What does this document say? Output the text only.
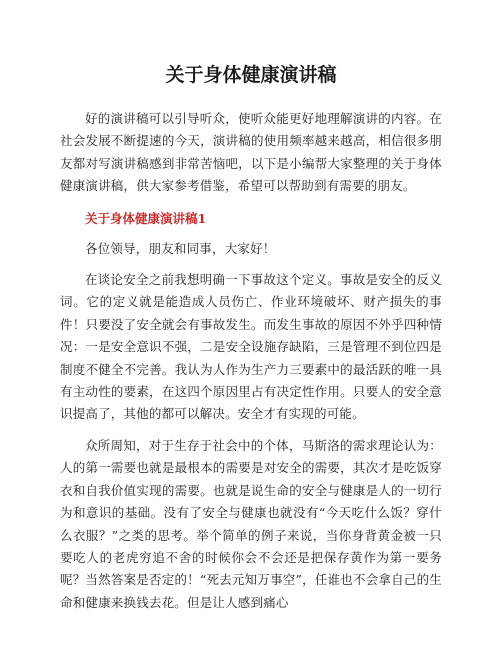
关于身体健康演讲稿

好的演讲稿可以引导听众，使听众能更好地理解演讲的内容。在社会发展不断提速的今天，演讲稿的使用频率越来越高，相信很多朋友都对写演讲稿感到非常苦恼吧，以下是小编帮大家整理的关于身体健康演讲稿，供大家参考借鉴，希望可以帮助到有需要的朋友。

关于身体健康演讲稿1

各位领导，朋友和同事，大家好！

在谈论安全之前我想明确一下事故这个定义。事故是安全的反义词。它的定义就是能造成人员伤亡、作业环境破坏、财产损失的事件！只要没了安全就会有事故发生。而发生事故的原因不外乎四种情况：一是安全意识不强，二是安全设施存缺陷，三是管理不到位四是制度不健全不完善。我认为人作为生产力三要素中的最活跃的唯一具有主动性的要素，在这四个原因里占有决定性作用。只要人的安全意识提高了，其他的都可以解决。安全才有实现的可能。

众所周知，对于生存于社会中的个体，马斯洛的需求理论认为：人的第一需要也就是最根本的需要是对安全的需要，其次才是吃饭穿衣和自我价值实现的需要。也就是说生命的安全与健康是人的一切行为和意识的基础。没有了安全与健康也就没有“今天吃什么饭？穿什么衣服？”之类的思考。举个简单的例子来说，当你身背黄金被一只要吃人的老虎穷追不舍的时候你会不会还是把保存黄作为第一要务呢？当然答案是否定的！“死去元知万事空”，任谁也不会拿自己的生命和健康来换钱去花。但是让人感到痛心
